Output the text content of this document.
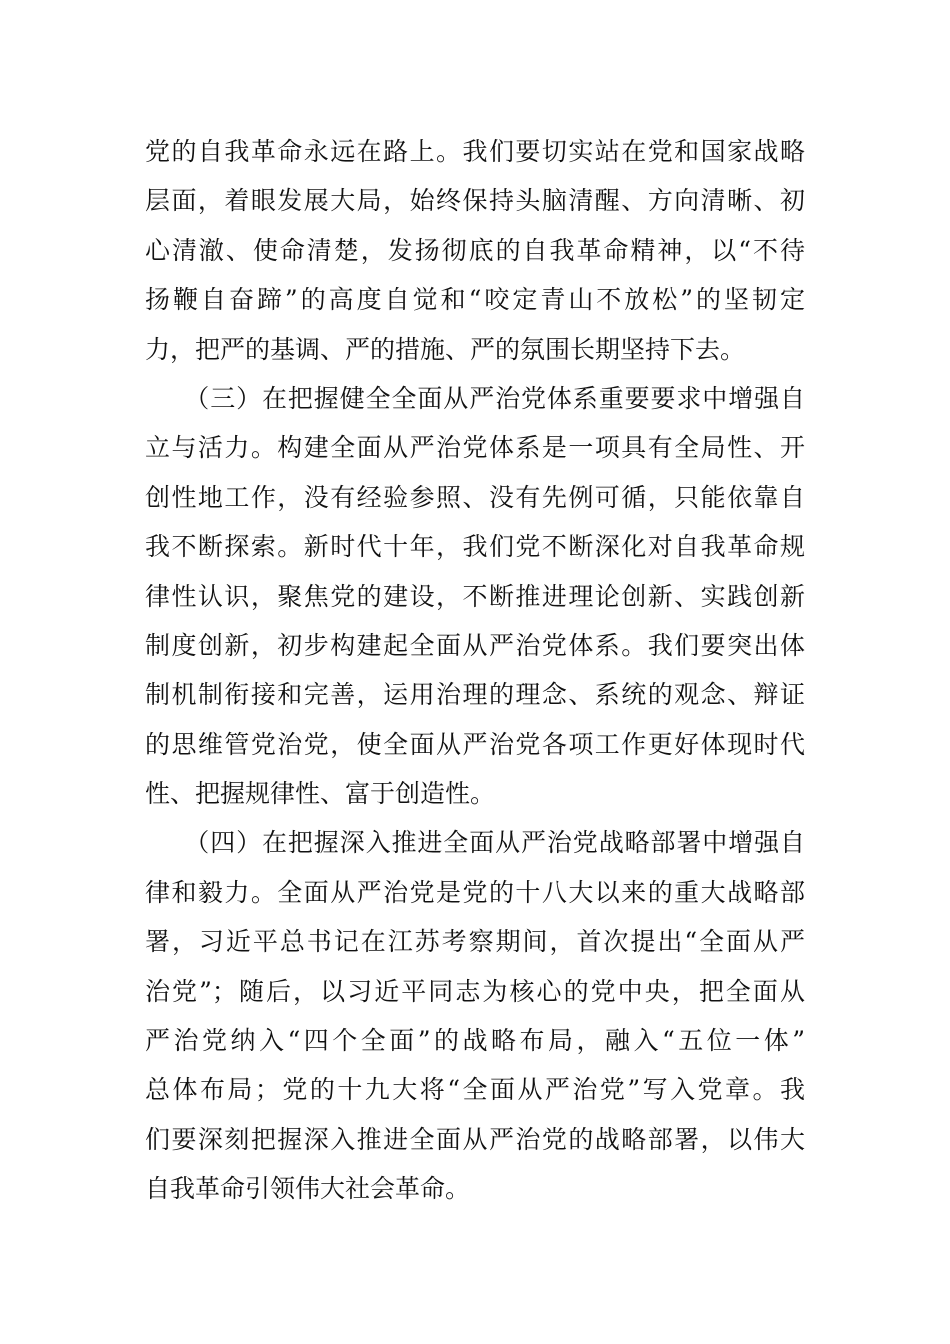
党的自我革命永远在路上。我们要切实站在党和国家战略
层面，着眼发展大局，始终保持头脑清醒、方向清晰、初
心清澈、使命清楚，发扬彻底的自我革命精神，以“不待
扬鞭自奋蹄”的高度自觉和“咬定青山不放松”的坚韧定
力，把严的基调、严的措施、严的氛围长期坚持下去。
　　（三）在把握健全全面从严治党体系重要要求中增强自
立与活力。构建全面从严治党体系是一项具有全局性、开
创性地工作，没有经验参照、没有先例可循，只能依靠自
我不断探索。新时代十年，我们党不断深化对自我革命规
律性认识，聚焦党的建设，不断推进理论创新、实践创新
制度创新，初步构建起全面从严治党体系。我们要突出体
制机制衔接和完善，运用治理的理念、系统的观念、辩证
的思维管党治党，使全面从严治党各项工作更好体现时代
性、把握规律性、富于创造性。
　　（四）在把握深入推进全面从严治党战略部署中增强自
律和毅力。全面从严治党是党的十八大以来的重大战略部
署，习近平总书记在江苏考察期间，首次提出“全面从严
治党”；随后，以习近平同志为核心的党中央，把全面从
严治党纳入“四个全面”的战略布局，融入“五位一体”
总体布局；党的十九大将“全面从严治党”写入党章。我
们要深刻把握深入推进全面从严治党的战略部署，以伟大
自我革命引领伟大社会革命。
